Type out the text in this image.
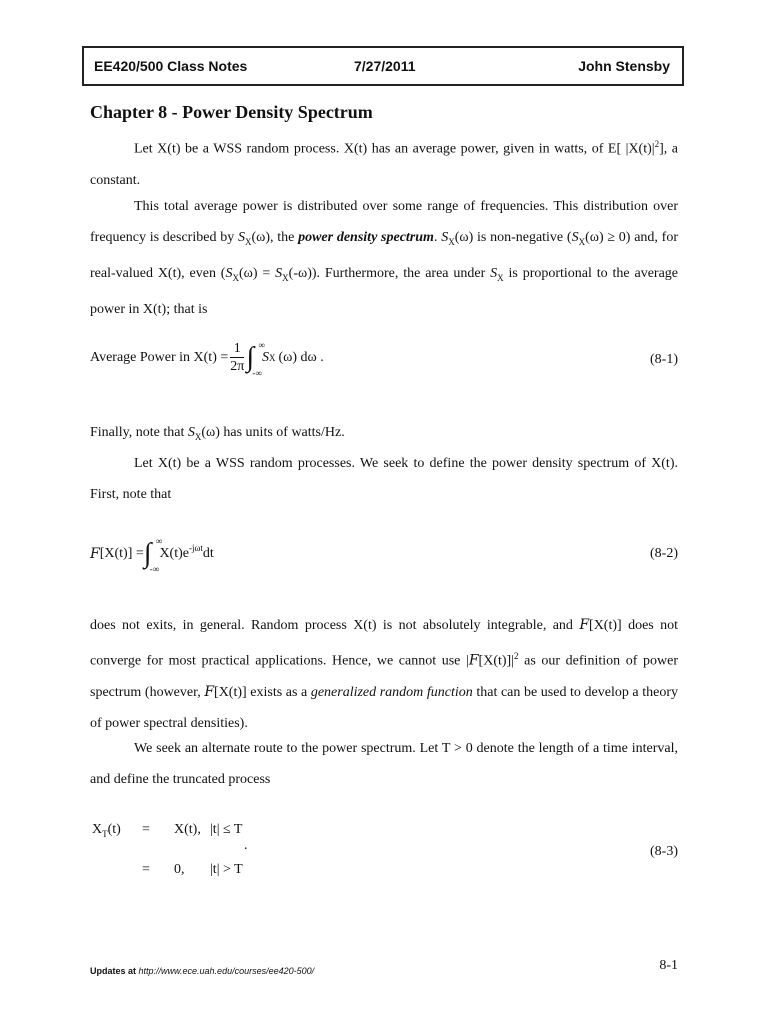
EE420/500 Class Notes	7/27/2011	John Stensby
Chapter 8 - Power Density Spectrum
Let X(t) be a WSS random process. X(t) has an average power, given in watts, of E[ $|X(t)|^2$], a constant.
This total average power is distributed over some range of frequencies. This distribution over frequency is described by $S_X(\omega)$, the power density spectrum. $S_X(\omega)$ is non-negative $(S_X(\omega) \ge 0)$ and, for real-valued X(t), even $(S_X(\omega) = S_X(-\omega))$. Furthermore, the area under $S_X$ is proportional to the average power in X(t); that is
Average Power in $X(t) = \frac{1}{2\pi}$ ∫ ∞
-∞
S X (ω) dω .	(8-1)
Finally, note that $S_X(\omega)$ has units of watts/Hz.
Let X(t) be a WSS random processes. We seek to define the power density spectrum of X(t). First, note that
F [X(t)] = ∫ ∞
-∞
$X(t)e^{-j\omega t}$ dt	(8-2)
does not exits, in general. Random process X(t) is not absolutely integrable, and F[X(t)] does not converge for most practical applications. Hence, we cannot use $|F[X(t)]|^2$ as our definition of power spectrum (however, F[X(t)] exists as a generalized random function that can be used to develop a theory of power spectral densities).
We seek an alternate route to the power spectrum. Let T > 0 denote the length of a time interval, and define the truncated process
$X_T(t) = X(t)$, |t| ≤ T
.
= 0, |t| > T
(8-3)
Updates at http://www.ece.uah.edu/courses/ee420-500/	8-1
